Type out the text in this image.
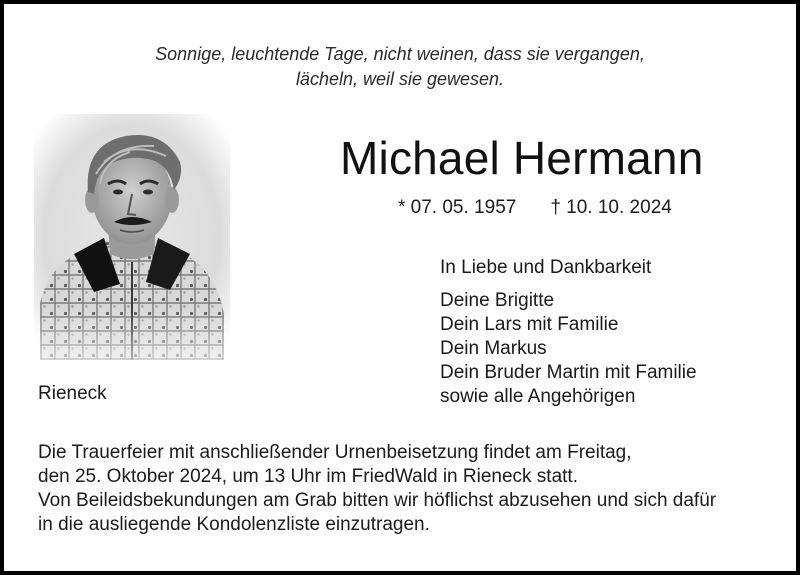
Sonnige, leuchtende Tage, nicht weinen, dass sie vergangen,
lächeln, weil sie gewesen.
Michael Hermann
* 07. 05. 1957 † 10. 10. 2024
In Liebe und Dankbarkeit
Deine Brigitte
Dein Lars mit Familie
Dein Markus
Dein Bruder Martin mit Familie
sowie alle Angehörigen
Rieneck
Die Trauerfeier mit anschließender Urnenbeisetzung findet am Freitag,
den 25. Oktober 2024, um 13 Uhr im FriedWald in Rieneck statt.
Von Beileidsbekundungen am Grab bitten wir höflichst abzusehen und sich dafür
in die ausliegende Kondolenzliste einzutragen.
